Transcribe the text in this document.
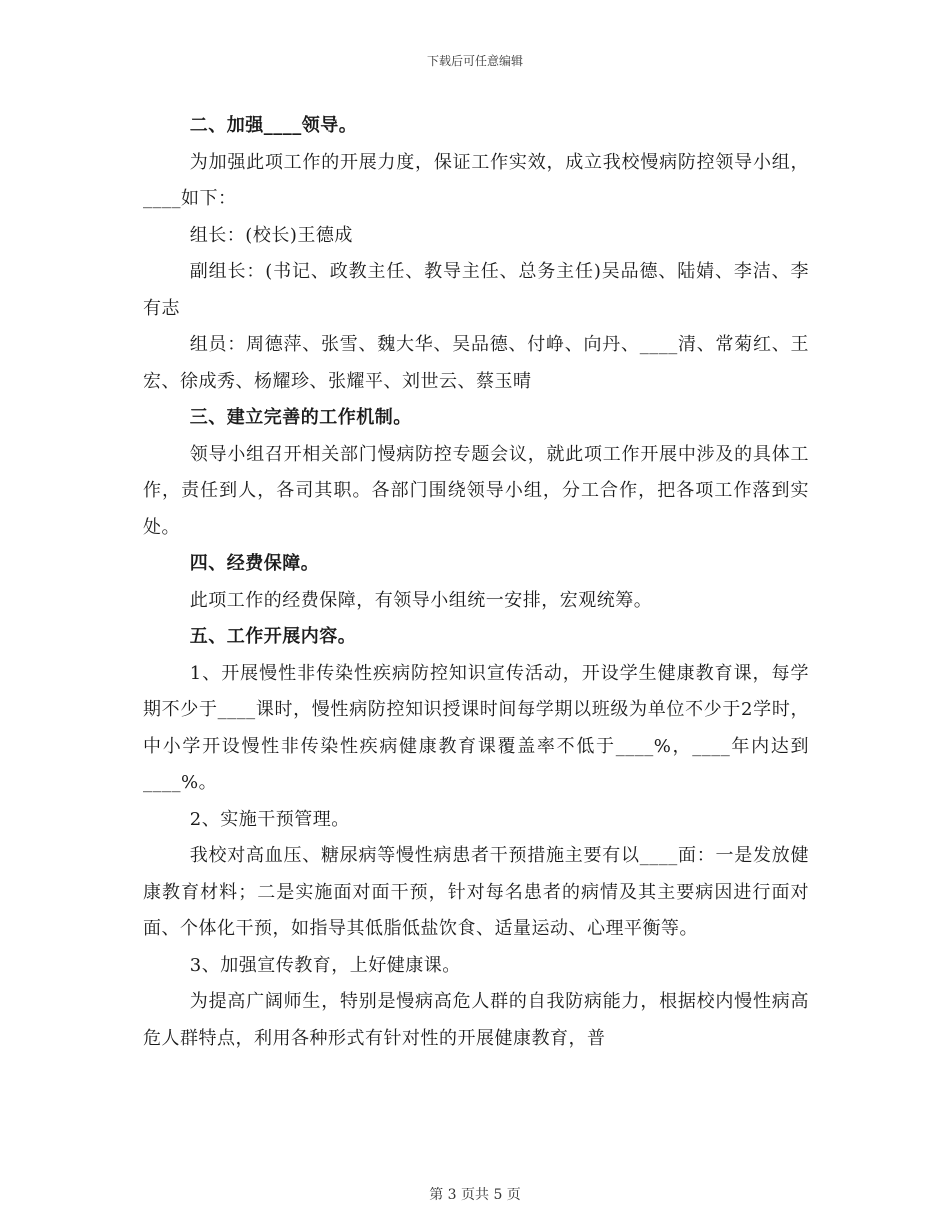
下载后可任意编辑

二、加强____领导。

为加强此项工作的开展力度，保证工作实效，成立我校慢病防控领导小组，____如下：

组长：(校长)王德成

副组长：(书记、政教主任、教导主任、总务主任)吴品德、陆婧、李洁、李有志

组员：周德萍、张雪、魏大华、吴品德、付峥、向丹、____清、常菊红、王宏、徐成秀、杨耀珍、张耀平、刘世云、蔡玉晴

三、建立完善的工作机制。

领导小组召开相关部门慢病防控专题会议，就此项工作开展中涉及的具体工作，责任到人，各司其职。各部门围绕领导小组，分工合作，把各项工作落到实处。

四、经费保障。

此项工作的经费保障，有领导小组统一安排，宏观统筹。

五、工作开展内容。

1、开展慢性非传染性疾病防控知识宣传活动，开设学生健康教育课，每学期不少于____课时，慢性病防控知识授课时间每学期以班级为单位不少于2学时，中小学开设慢性非传染性疾病健康教育课覆盖率不低于____%，____年内达到____%。

2、实施干预管理。

我校对高血压、糖尿病等慢性病患者干预措施主要有以____面：一是发放健康教育材料；二是实施面对面干预，针对每名患者的病情及其主要病因进行面对面、个体化干预，如指导其低脂低盐饮食、适量运动、心理平衡等。

3、加强宣传教育，上好健康课。

为提高广阔师生，特别是慢病高危人群的自我防病能力，根据校内慢性病高危人群特点，利用各种形式有针对性的开展健康教育，普

第 3 页共 5 页
